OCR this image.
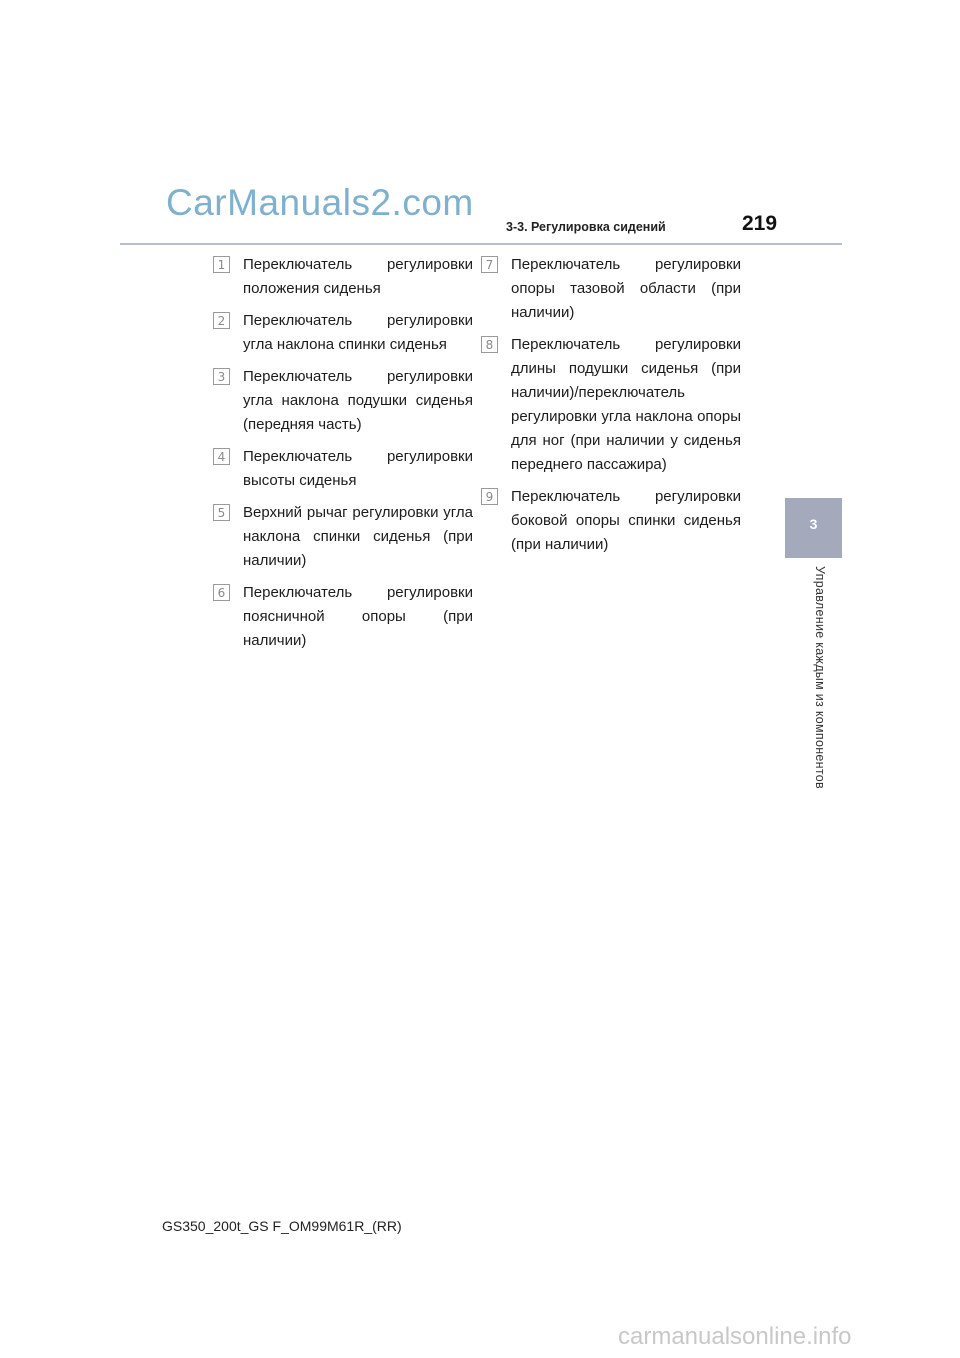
CarManuals2.com
3-3. Регулировка сидений	219
3
Управление каждым из компонентов
1	Переключатель регулировки положения сиденья
2	Переключатель регулировки угла наклона спинки сиденья
3	Переключатель регулировки угла наклона подушки сиденья (передняя часть)
4	Переключатель регулировки высоты сиденья
5	Верхний рычаг регулировки угла наклона спинки сиденья (при наличии)
6	Переключатель регулировки поясничной опоры (при наличии)
7	Переключатель регулировки опоры тазовой области (при наличии)
8	Переключатель регулировки длины подушки сиденья (при наличии)/переключатель регулировки угла наклона опоры для ног (при наличии у сиденья переднего пассажира)
9	Переключатель регулировки боковой опоры спинки сиденья (при наличии)
GS350_200t_GS F_OM99M61R_(RR)
carmanualsonline.info
